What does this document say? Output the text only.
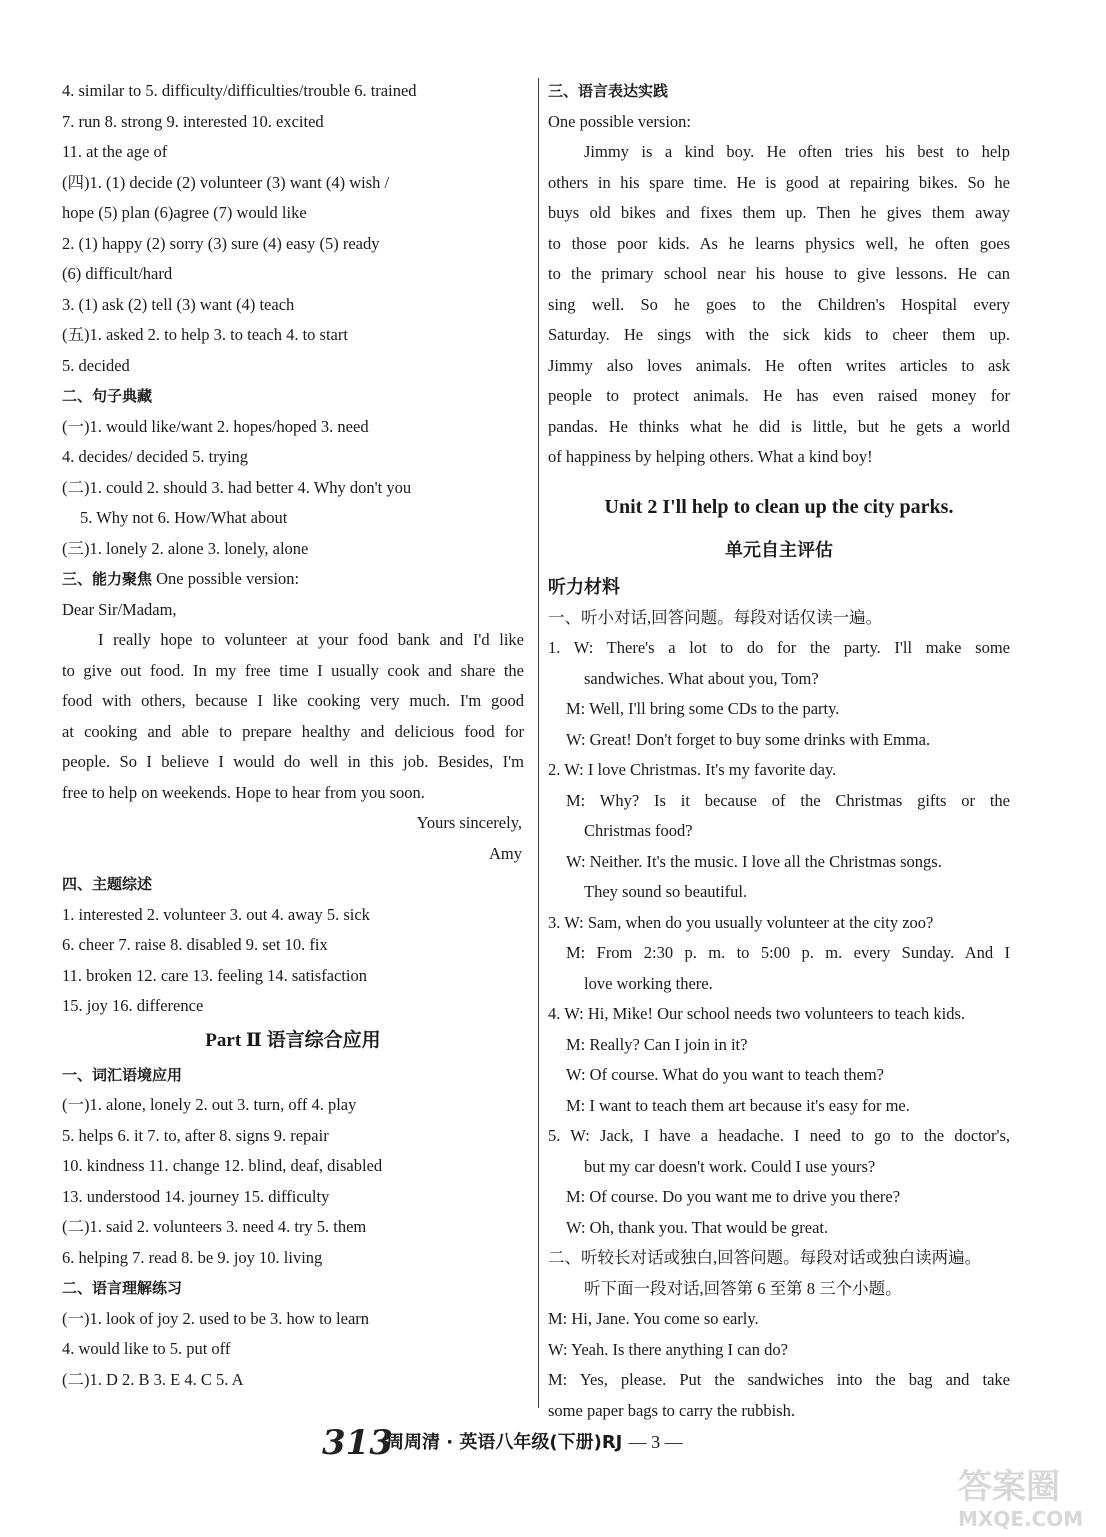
4. similar to 5. difficulty/difficulties/trouble 6. trained
7. run 8. strong 9. interested 10. excited
11. at the age of
(四)1. (1) decide (2) volunteer (3) want (4) wish /
hope (5) plan (6)agree (7) would like
2. (1) happy (2) sorry (3) sure (4) easy (5) ready
(6) difficult/hard
3. (1) ask (2) tell (3) want (4) teach
(五)1. asked 2. to help 3. to teach 4. to start
5. decided
二、句子典藏
(一)1. would like/want 2. hopes/hoped 3. need
4. decides/ decided 5. trying
(二)1. could 2. should 3. had better 4. Why don't you
5. Why not 6. How/What about
(三)1. lonely 2. alone 3. lonely, alone
三、能力聚焦 One possible version:
Dear Sir/Madam,
I really hope to volunteer at your food bank and I'd like
to give out food. In my free time I usually cook and share the
food with others, because I like cooking very much. I'm good
at cooking and able to prepare healthy and delicious food for
people. So I believe I would do well in this job. Besides, I'm
free to help on weekends. Hope to hear from you soon.
Yours sincerely,
Amy
四、主题综述
1. interested 2. volunteer 3. out 4. away 5. sick
6. cheer 7. raise 8. disabled 9. set 10. fix
11. broken 12. care 13. feeling 14. satisfaction
15. joy 16. difference
Part Ⅱ 语言综合应用
一、词汇语境应用
(一)1. alone, lonely 2. out 3. turn, off 4. play
5. helps 6. it 7. to, after 8. signs 9. repair
10. kindness 11. change 12. blind, deaf, disabled
13. understood 14. journey 15. difficulty
(二)1. said 2. volunteers 3. need 4. try 5. them
6. helping 7. read 8. be 9. joy 10. living
二、语言理解练习
(一)1. look of joy 2. used to be 3. how to learn
4. would like to 5. put off
(二)1. D 2. B 3. E 4. C 5. A
三、语言表达实践
One possible version:
Jimmy is a kind boy. He often tries his best to help
others in his spare time. He is good at repairing bikes. So he
buys old bikes and fixes them up. Then he gives them away
to those poor kids. As he learns physics well, he often goes
to the primary school near his house to give lessons. He can
sing well. So he goes to the Children's Hospital every
Saturday. He sings with the sick kids to cheer them up.
Jimmy also loves animals. He often writes articles to ask
people to protect animals. He has even raised money for
pandas. He thinks what he did is little, but he gets a world
of happiness by helping others. What a kind boy!
Unit 2 I'll help to clean up the city parks.
单元自主评估
听力材料
一、听小对话,回答问题。每段对话仅读一遍。
1. W: There's a lot to do for the party. I'll make some
sandwiches. What about you, Tom?
M: Well, I'll bring some CDs to the party.
W: Great! Don't forget to buy some drinks with Emma.
2. W: I love Christmas. It's my favorite day.
M: Why? Is it because of the Christmas gifts or the
Christmas food?
W: Neither. It's the music. I love all the Christmas songs.
They sound so beautiful.
3. W: Sam, when do you usually volunteer at the city zoo?
M: From 2:30 p. m. to 5:00 p. m. every Sunday. And I
love working there.
4. W: Hi, Mike! Our school needs two volunteers to teach kids.
M: Really? Can I join in it?
W: Of course. What do you want to teach them?
M: I want to teach them art because it's easy for me.
5. W: Jack, I have a headache. I need to go to the doctor's,
but my car doesn't work. Could I use yours?
M: Of course. Do you want me to drive you there?
W: Oh, thank you. That would be great.
二、听较长对话或独白,回答问题。每段对话或独白读两遍。
听下面一段对话,回答第 6 至第 8 三个小题。
M: Hi, Jane. You come so early.
W: Yeah. Is there anything I can do?
M: Yes, please. Put the sandwiches into the bag and take
some paper bags to carry the rubbish.
313
周周清 · 英语八年级(下册)RJ — 3 —
答案圈
MXQE.COM
